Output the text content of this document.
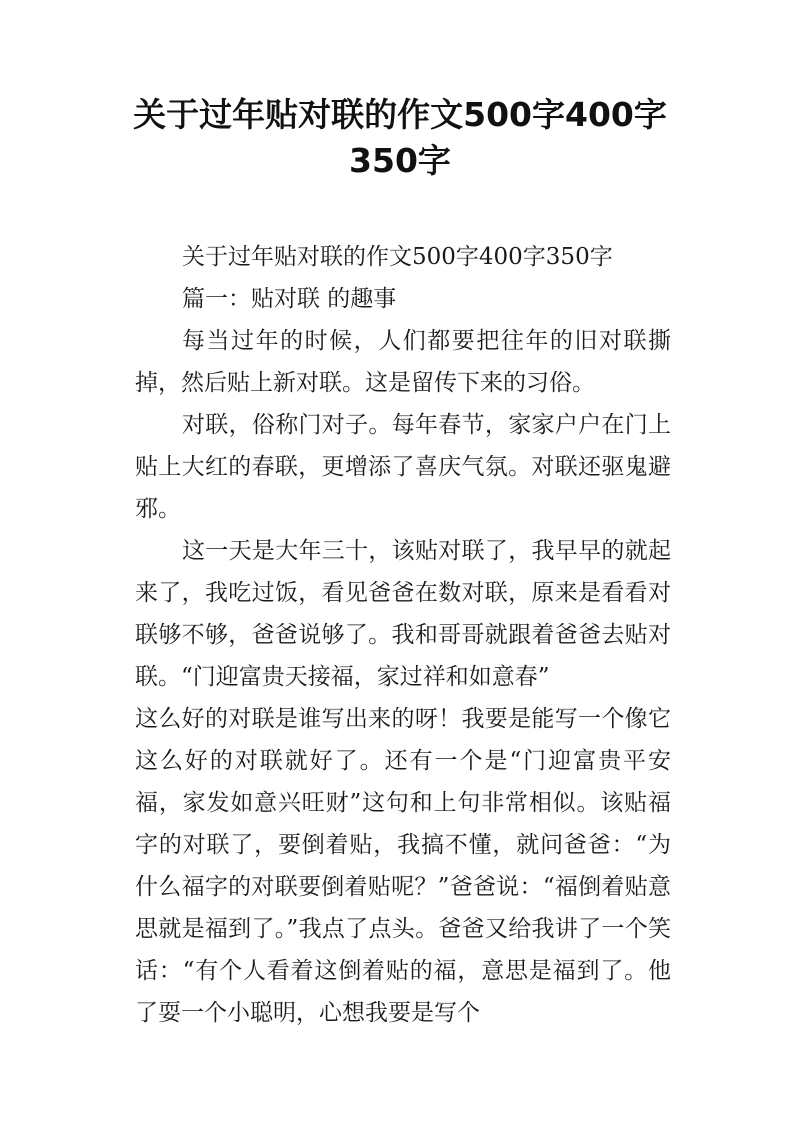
关于过年贴对联的作文500字400字350字

关于过年贴对联的作文500字400字350字

篇一：贴对联 的趣事

每当过年的时候，人们都要把往年的旧对联撕掉，然后贴上新对联。这是留传下来的习俗。

对联，俗称门对子。每年春节，家家户户在门上贴上大红的春联，更增添了喜庆气氛。对联还驱鬼避邪。

这一天是大年三十，该贴对联了，我早早的就起来了，我吃过饭，看见爸爸在数对联，原来是看看对联够不够，爸爸说够了。我和哥哥就跟着爸爸去贴对联。“门迎富贵天接福，家过祥和如意春”

这么好的对联是谁写出来的呀！我要是能写一个像它这么好的对联就好了。还有一个是“门迎富贵平安福，家发如意兴旺财”这句和上句非常相似。该贴福字的对联了，要倒着贴，我搞不懂，就问爸爸：“为什么福字的对联要倒着贴呢？”爸爸说：“福倒着贴意思就是福到了。”我点了点头。爸爸又给我讲了一个笑话：“有个人看着这倒着贴的福，意思是福到了。他了耍一个小聪明，心想我要是写个
